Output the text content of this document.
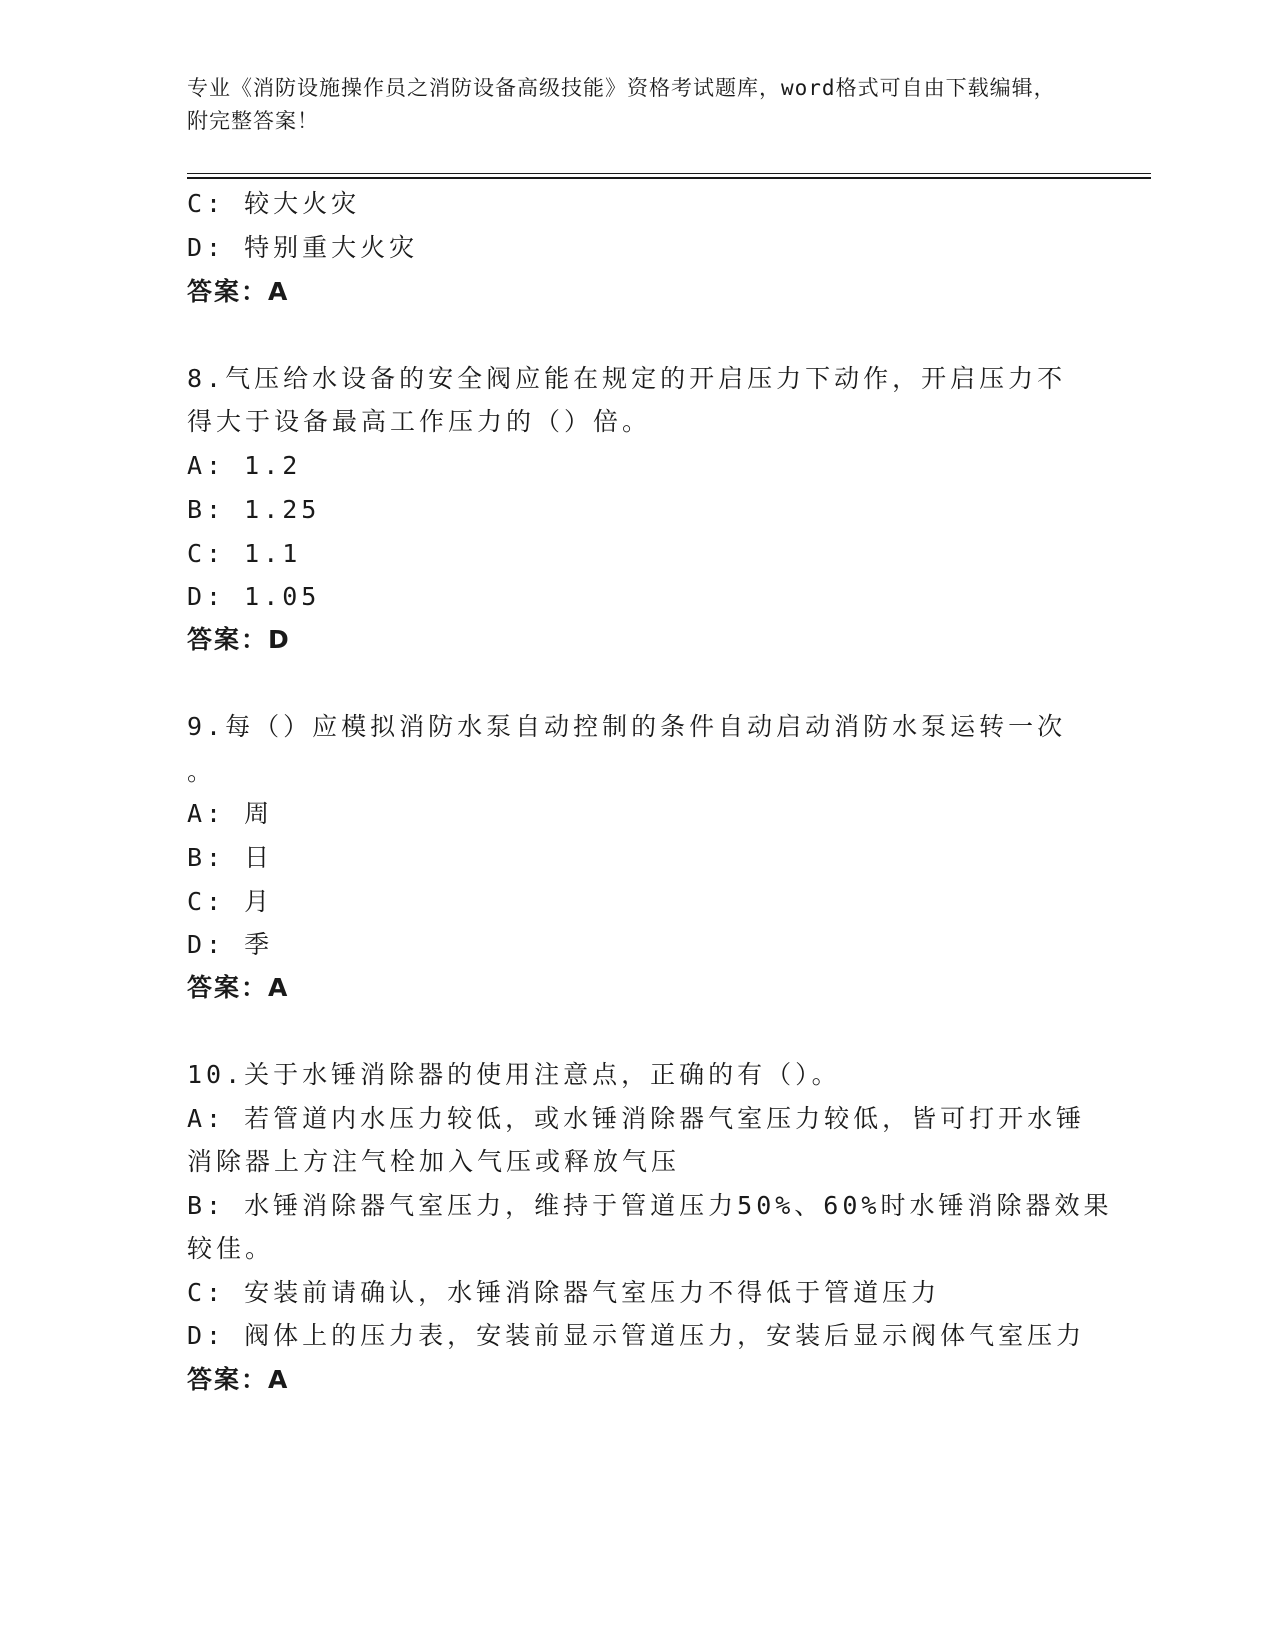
专业《消防设施操作员之消防设备高级技能》资格考试题库，word格式可自由下载编辑，附完整答案！
C: 较大火灾
D: 特别重大火灾
答案：A
8.气压给水设备的安全阀应能在规定的开启压力下动作，开启压力不
得大于设备最高工作压力的（）倍。
A: 1.2
B: 1.25
C: 1.1
D: 1.05
答案：D
9.每（）应模拟消防水泵自动控制的条件自动启动消防水泵运转一次
。
A: 周
B: 日
C: 月
D: 季
答案：A
10.关于水锤消除器的使用注意点，正确的有（）。
A: 若管道内水压力较低，或水锤消除器气室压力较低，皆可打开水锤
消除器上方注气栓加入气压或释放气压
B: 水锤消除器气室压力，维持于管道压力50%、60%时水锤消除器效果
较佳。
C: 安装前请确认，水锤消除器气室压力不得低于管道压力
D: 阀体上的压力表，安装前显示管道压力，安装后显示阀体气室压力
答案：A
